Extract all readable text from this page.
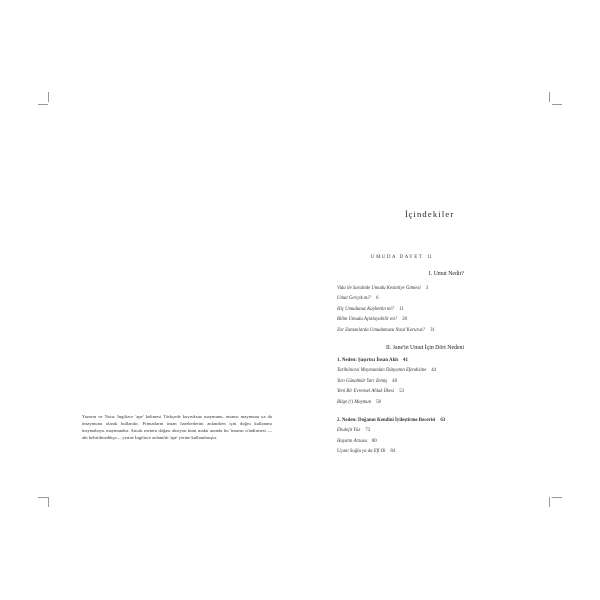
Yazarın ve Notu: İngilizce 'ape' kelimesi Türkçede kuyruksuz maymunu, insansı maymunu ya da insaymunu olarak kullanılır. Primatların insan hareketlerini anlatırken için doğru kullanımı insymaboyu maymundur. Ancak metnin doğası aksiyon kimi maktı anında bu 'insansı n'indirmesi —ahi belirtilmedikçe— yerine İngilizce anlamlılı 'ape' yerine kullanılmıştır.
İçindekiler
UMUDA DAVET 11
I. Umut Nedir?
Vida ile Sarabide Umudu Kesintiye Gitmesi 3
Umut Gerçek mi? 6
Hiç Umudunuz Kaybettin mi? 11
Bilim Umudu Açıklayabilir mi? 20
Zor Zamanlarda Umudumuzu Nasıl Koruruz? 31
II. Jane'in Umut İçin Dört Nedeni
1. Neden: Şaşırtıcı İnsan Aklı 41
Tarihöncesi Maymundan Dünyanın Efendisine 44
Yarı Günahkâr Yarı Zemiş 48
Yeni Bir Evrensel Ahlak İlkesi 53
Bilge (!) Maymun 58
2. Neden: Doğanın Kendini İyileştirme Becerisi 63
Ebulejit Yüz 73
Hayatın Arzusu 80
Uçanı Soğlu ya da Efi Ol 84
